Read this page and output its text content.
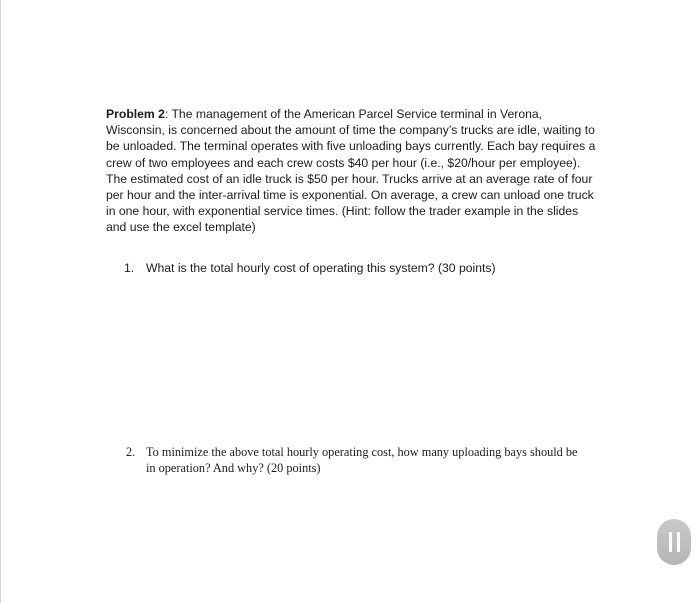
Problem 2: The management of the American Parcel Service terminal in Verona, Wisconsin, is concerned about the amount of time the company’s trucks are idle, waiting to be unloaded. The terminal operates with five unloading bays currently. Each bay requires a crew of two employees and each crew costs $40 per hour (i.e., $20/hour per employee). The estimated cost of an idle truck is $50 per hour. Trucks arrive at an average rate of four per hour and the inter-arrival time is exponential. On average, a crew can unload one truck in one hour, with exponential service times. (Hint: follow the trader example in the slides and use the excel template)
1. What is the total hourly cost of operating this system? (30 points)
2. To minimize the above total hourly operating cost, how many uploading bays should be in operation? And why? (20 points)
